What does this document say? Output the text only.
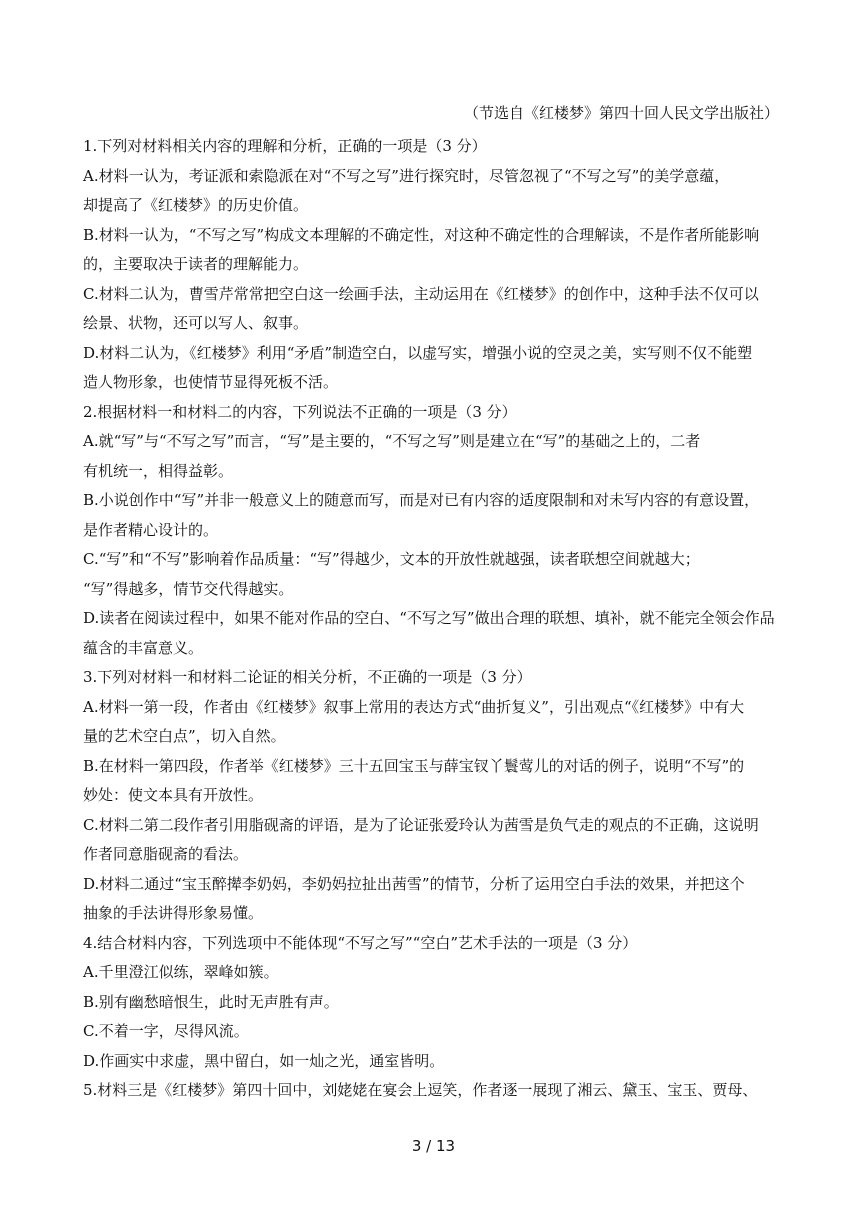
（节选自《红楼梦》第四十回人民文学出版社）
1.下列对材料相关内容的理解和分析，正确的一项是（3 分）
A.材料一认为，考证派和索隐派在对“不写之写”进行探究时，尽管忽视了“不写之写”的美学意蕴，
却提高了《红楼梦》的历史价值。
B.材料一认为，“不写之写”构成文本理解的不确定性，对这种不确定性的合理解读，不是作者所能影响
的，主要取决于读者的理解能力。
C.材料二认为，曹雪芹常常把空白这一绘画手法，主动运用在《红楼梦》的创作中，这种手法不仅可以
绘景、状物，还可以写人、叙事。
D.材料二认为，《红楼梦》利用“矛盾”制造空白，以虚写实，增强小说的空灵之美，实写则不仅不能塑
造人物形象，也使情节显得死板不活。
2.根据材料一和材料二的内容，下列说法不正确的一项是（3 分）
A.就“写”与“不写之写”而言，“写”是主要的，“不写之写”则是建立在“写”的基础之上的，二者
有机统一，相得益彰。
B.小说创作中“写”并非一般意义上的随意而写，而是对已有内容的适度限制和对未写内容的有意设置，
是作者精心设计的。
C.“写”和“不写”影响着作品质量：“写”得越少，文本的开放性就越强，读者联想空间就越大；
“写”得越多，情节交代得越实。
D.读者在阅读过程中，如果不能对作品的空白、“不写之写”做出合理的联想、填补，就不能完全领会作品
蕴含的丰富意义。
3.下列对材料一和材料二论证的相关分析，不正确的一项是（3 分）
A.材料一第一段，作者由《红楼梦》叙事上常用的表达方式“曲折复义”，引出观点“《红楼梦》中有大
量的艺术空白点”，切入自然。
B.在材料一第四段，作者举《红楼梦》三十五回宝玉与薛宝钗丫鬟莺儿的对话的例子，说明“不写”的
妙处：使文本具有开放性。
C.材料二第二段作者引用脂砚斋的评语，是为了论证张爱玲认为茜雪是负气走的观点的不正确，这说明
作者同意脂砚斋的看法。
D.材料二通过“宝玉醉撵李奶妈，李奶妈拉扯出茜雪”的情节，分析了运用空白手法的效果，并把这个
抽象的手法讲得形象易懂。
4.结合材料内容，下列选项中不能体现“不写之写”“空白”艺术手法的一项是（3 分）
A.千里澄江似练，翠峰如簇。
B.别有幽愁暗恨生，此时无声胜有声。
C.不着一字，尽得风流。
D.作画实中求虚，黑中留白，如一灿之光，通室皆明。
5.材料三是《红楼梦》第四十回中，刘姥姥在宴会上逗笑，作者逐一展现了湘云、黛玉、宝玉、贾母、
3 / 13
